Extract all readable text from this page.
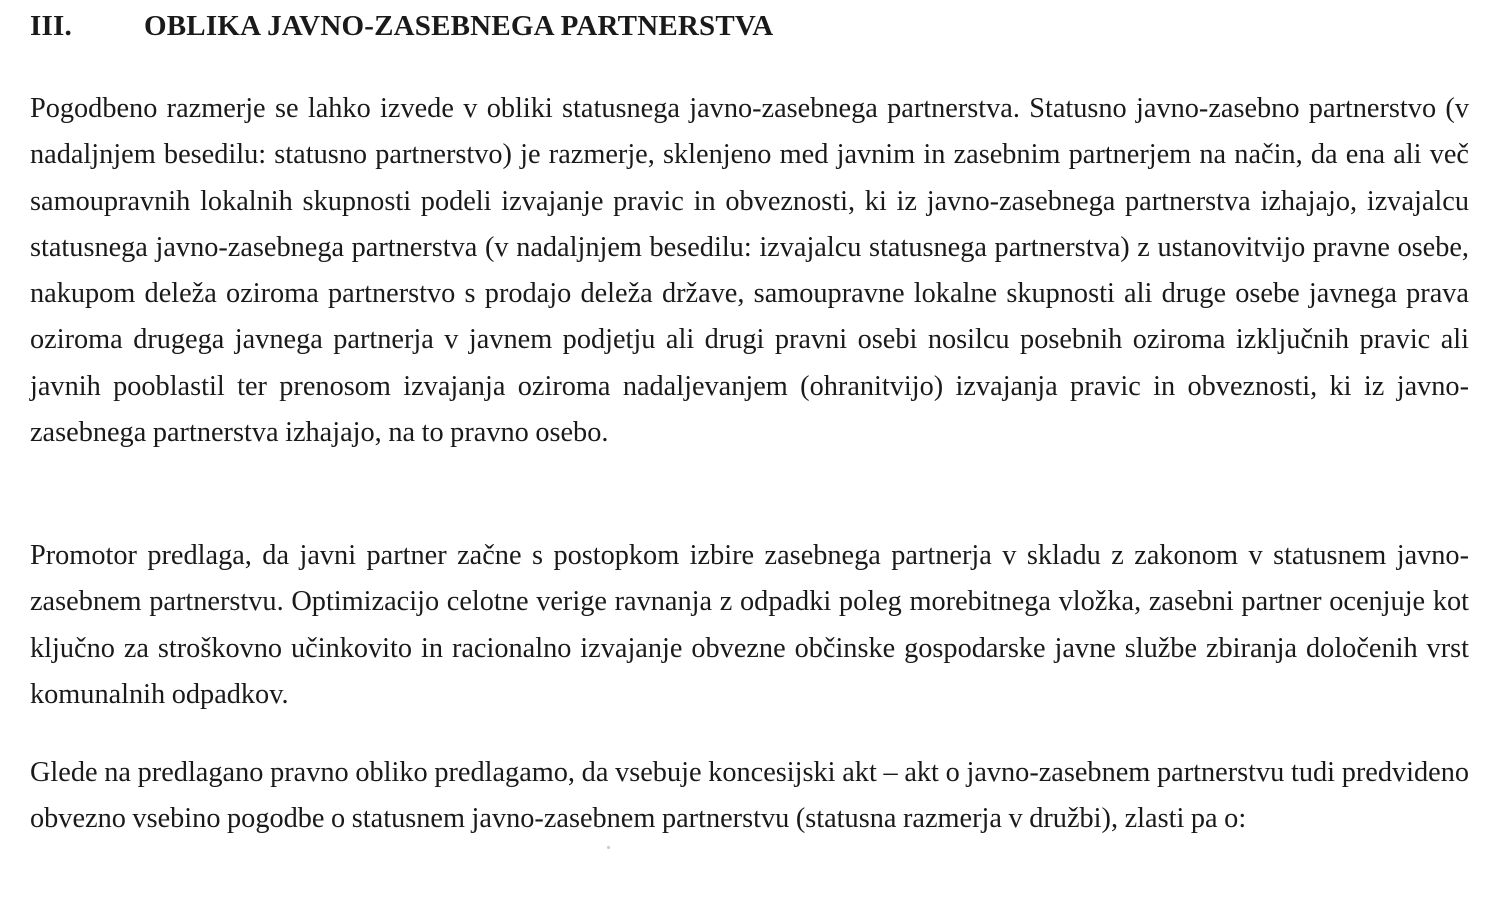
III. OBLIKA JAVNO-ZASEBNEGA PARTNERSTVA

Pogodbeno razmerje se lahko izvede v obliki statusnega javno-zasebnega partnerstva. Statusno javno-zasebno partnerstvo (v nadaljnjem besedilu: statusno partnerstvo) je razmerje, sklenjeno med javnim in zasebnim partnerjem na način, da ena ali več samoupravnih lokalnih skupnosti podeli izvajanje pravic in obveznosti, ki iz javno-zasebnega partnerstva izhajajo, izvajalcu statusnega javno-zasebnega partnerstva (v nadaljnjem besedilu: izvajalcu statusnega partnerstva) z ustanovitvijo pravne osebe, nakupom deleža oziroma partnerstvo s prodajo deleža države, samoupravne lokalne skupnosti ali druge osebe javnega prava oziroma drugega javnega partnerja v javnem podjetju ali drugi pravni osebi nosilcu posebnih oziroma izključnih pravic ali javnih pooblastil ter prenosom izvajanja oziroma nadaljevanjem (ohranitvijo) izvajanja pravic in obveznosti, ki iz javno-zasebnega partnerstva izhajajo, na to pravno osebo.

Promotor predlaga, da javni partner začne s postopkom izbire zasebnega partnerja v skladu z zakonom v statusnem javno-zasebnem partnerstvu. Optimizacijo celotne verige ravnanja z odpadki poleg morebitnega vložka, zasebni partner ocenjuje kot ključno za stroškovno učinkovito in racionalno izvajanje obvezne občinske gospodarske javne službe zbiranja določenih vrst komunalnih odpadkov.

Glede na predlagano pravno obliko predlagamo, da vsebuje koncesijski akt – akt o javno-zasebnem partnerstvu tudi predvideno obvezno vsebino pogodbe o statusnem javno-zasebnem partnerstvu (statusna razmerja v družbi), zlasti pa o:
